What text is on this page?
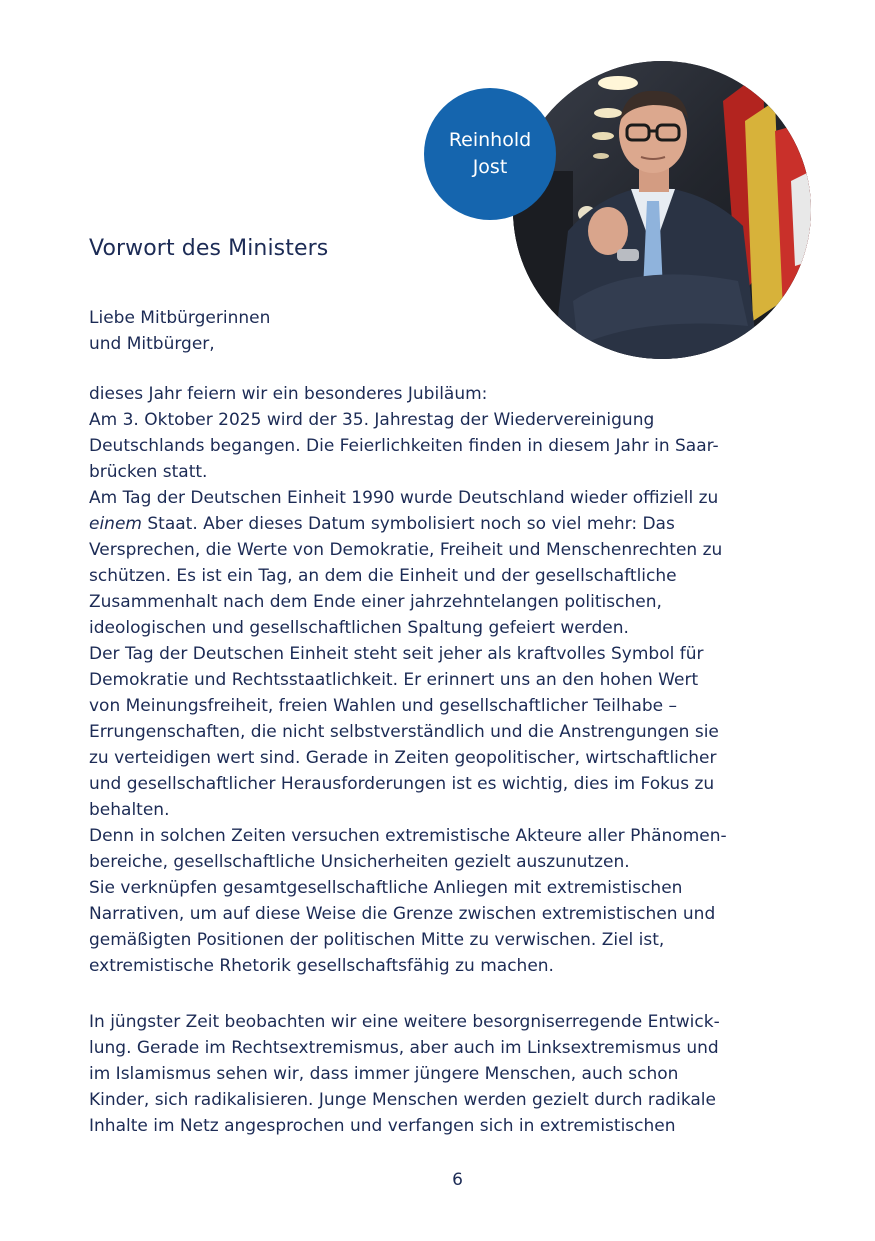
Reinhold
Jost
Vorwort des Ministers
Liebe Mitbürgerinnen
und Mitbürger,
dieses Jahr feiern wir ein besonderes Jubiläum:
Am 3. Oktober 2025 wird der 35. Jahrestag der Wiedervereinigung
Deutschlands begangen. Die Feierlichkeiten finden in diesem Jahr in Saar-
brücken statt.
Am Tag der Deutschen Einheit 1990 wurde Deutschland wieder offiziell zu
einem Staat. Aber dieses Datum symbolisiert noch so viel mehr: Das
Versprechen, die Werte von Demokratie, Freiheit und Menschenrechten zu
schützen. Es ist ein Tag, an dem die Einheit und der gesellschaftliche
Zusammenhalt nach dem Ende einer jahrzehntelangen politischen,
ideologischen und gesellschaftlichen Spaltung gefeiert werden.
Der Tag der Deutschen Einheit steht seit jeher als kraftvolles Symbol für
Demokratie und Rechtsstaatlichkeit. Er erinnert uns an den hohen Wert
von Meinungsfreiheit, freien Wahlen und gesellschaftlicher Teilhabe –
Errungenschaften, die nicht selbstverständlich und die Anstrengungen sie
zu verteidigen wert sind. Gerade in Zeiten geopolitischer, wirtschaftlicher
und gesellschaftlicher Herausforderungen ist es wichtig, dies im Fokus zu
behalten.
Denn in solchen Zeiten versuchen extremistische Akteure aller Phänomen-
bereiche, gesellschaftliche Unsicherheiten gezielt auszunutzen.
Sie verknüpfen gesamtgesellschaftliche Anliegen mit extremistischen
Narrativen, um auf diese Weise die Grenze zwischen extremistischen und
gemäßigten Positionen der politischen Mitte zu verwischen. Ziel ist,
extremistische Rhetorik gesellschaftsfähig zu machen.
In jüngster Zeit beobachten wir eine weitere besorgniserregende Entwick-
lung. Gerade im Rechtsextremismus, aber auch im Linksextremismus und
im Islamismus sehen wir, dass immer jüngere Menschen, auch schon
Kinder, sich radikalisieren. Junge Menschen werden gezielt durch radikale
Inhalte im Netz angesprochen und verfangen sich in extremistischen
6
